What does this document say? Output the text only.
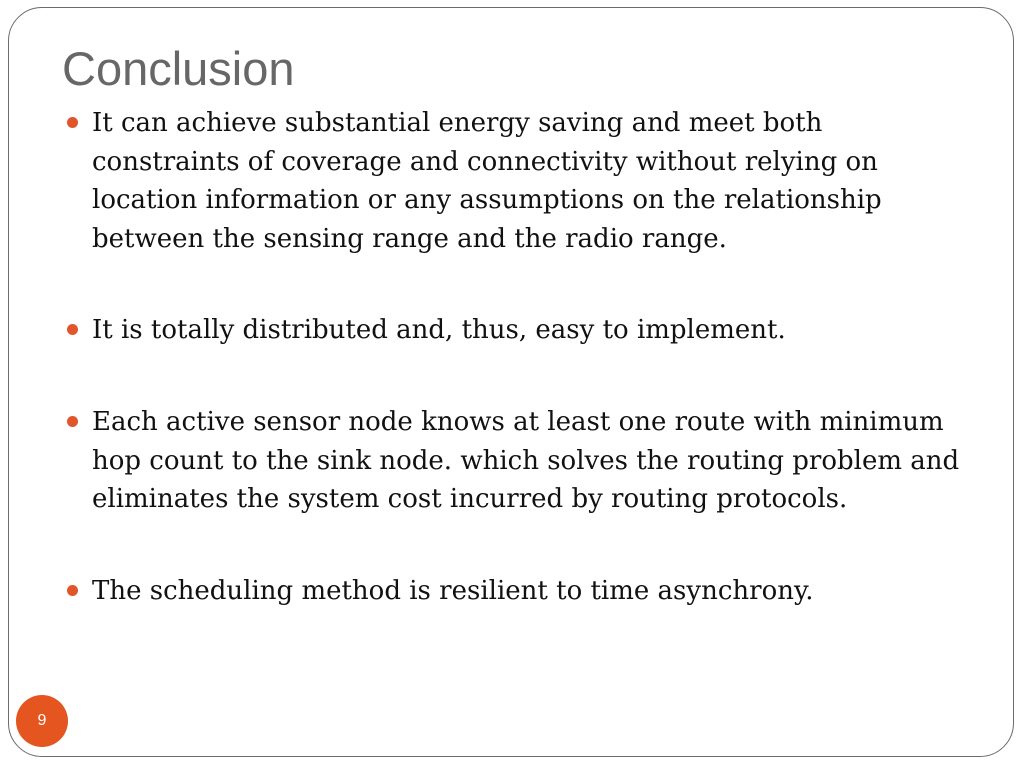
Conclusion
It can achieve substantial energy saving and meet both constraints of coverage and connectivity without relying on location information or any assumptions on the relationship between the sensing range and the radio range.
It is totally distributed and, thus, easy to implement.
Each active sensor node knows at least one route with minimum hop count to the sink node. which solves the routing problem and eliminates the system cost incurred by routing protocols.
The scheduling method is resilient to time asynchrony.
9
